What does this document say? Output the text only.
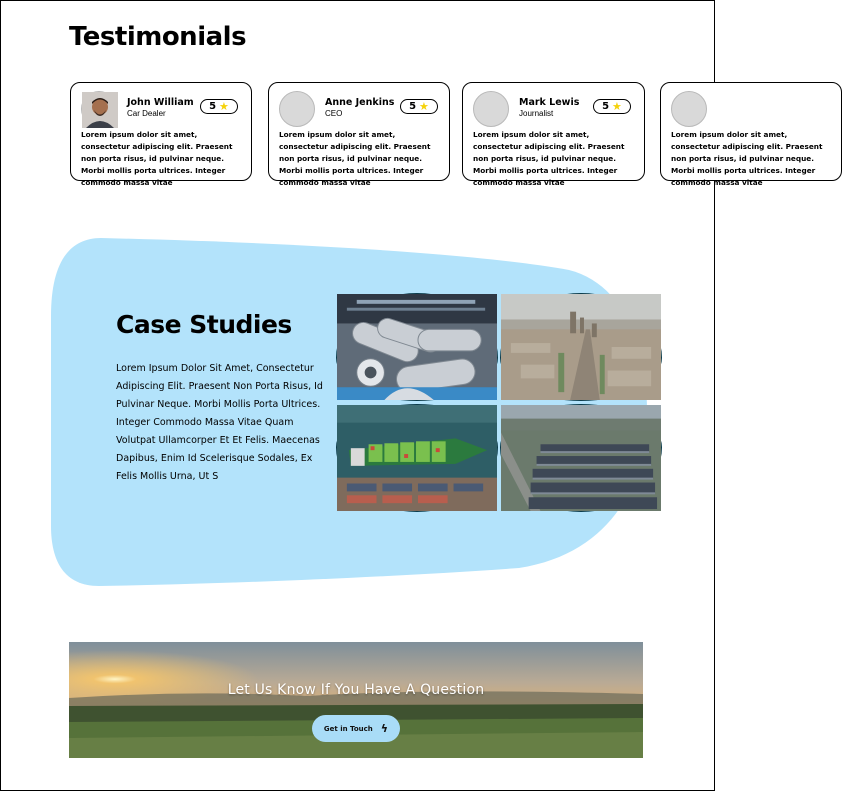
Testimonials
John William
Car Dealer
5 ★
Lorem ipsum dolor sit amet, consectetur adipiscing elit. Praesent non porta risus, id pulvinar neque. Morbi mollis porta ultrices. Integer commodo massa vitae
Anne Jenkins
CEO
5 ★
Lorem ipsum dolor sit amet, consectetur adipiscing elit. Praesent non porta risus, id pulvinar neque. Morbi mollis porta ultrices. Integer commodo massa vitae
Mark Lewis
Journalist
5 ★
Lorem ipsum dolor sit amet, consectetur adipiscing elit. Praesent non porta risus, id pulvinar neque. Morbi mollis porta ultrices. Integer commodo massa vitae
Lorem ipsum dolor sit amet, consectetur adipiscing elit. Praesent non porta risus, id pulvinar neque. Morbi mollis porta ultrices. Integer commodo massa vitae
Case Studies
Lorem Ipsum Dolor Sit Amet, Consectetur Adipiscing Elit. Praesent Non Porta Risus, Id Pulvinar Neque. Morbi Mollis Porta Ultrices. Integer Commodo Massa Vitae Quam Volutpat Ullamcorper Et Et Felis. Maecenas Dapibus, Enim Id Scelerisque Sodales, Ex Felis Mollis Urna, Ut S
Let Us Know If You Have A Question
Get in Touch ϟ
